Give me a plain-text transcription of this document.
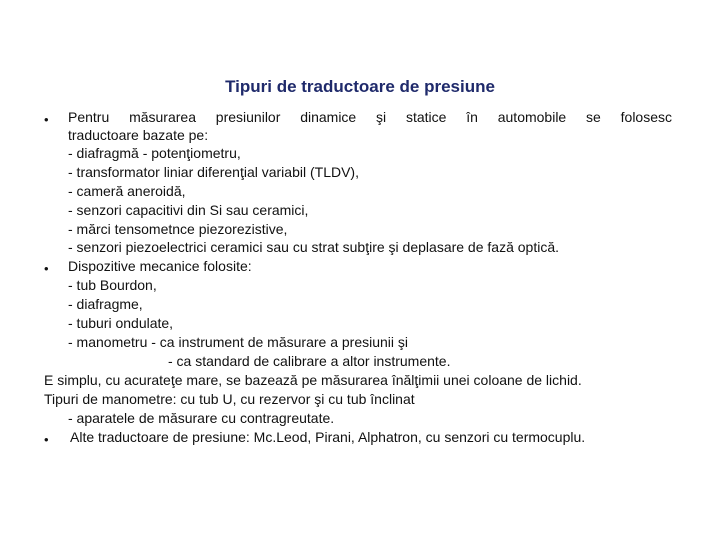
Tipuri de traductoare de presiune
• Pentru măsurarea presiunilor dinamice şi statice în automobile se folosesc
traductoare bazate pe:
- diafragmă - potenţiometru,
- transformator liniar diferenţial variabil (TLDV),
- cameră aneroidă,
- senzori capacitivi din Si sau ceramici,
- mărci tensometnce piezorezistive,
- senzori piezoelectrici ceramici sau cu strat subţire şi deplasare de fază optică.
• Dispozitive mecanice folosite:
- tub Bourdon,
- diafragme,
- tuburi ondulate,
- manometru - ca instrument de măsurare a presiunii şi
- ca standard de calibrare a altor instrumente.
E simplu, cu acurateţe mare, se bazează pe măsurarea înălţimii unei coloane de lichid.
Tipuri de manometre: cu tub U, cu rezervor şi cu tub înclinat
- aparatele de măsurare cu contragreutate.
• Alte traductoare de presiune: Mc.Leod, Pirani, Alphatron, cu senzori cu termocuplu.
